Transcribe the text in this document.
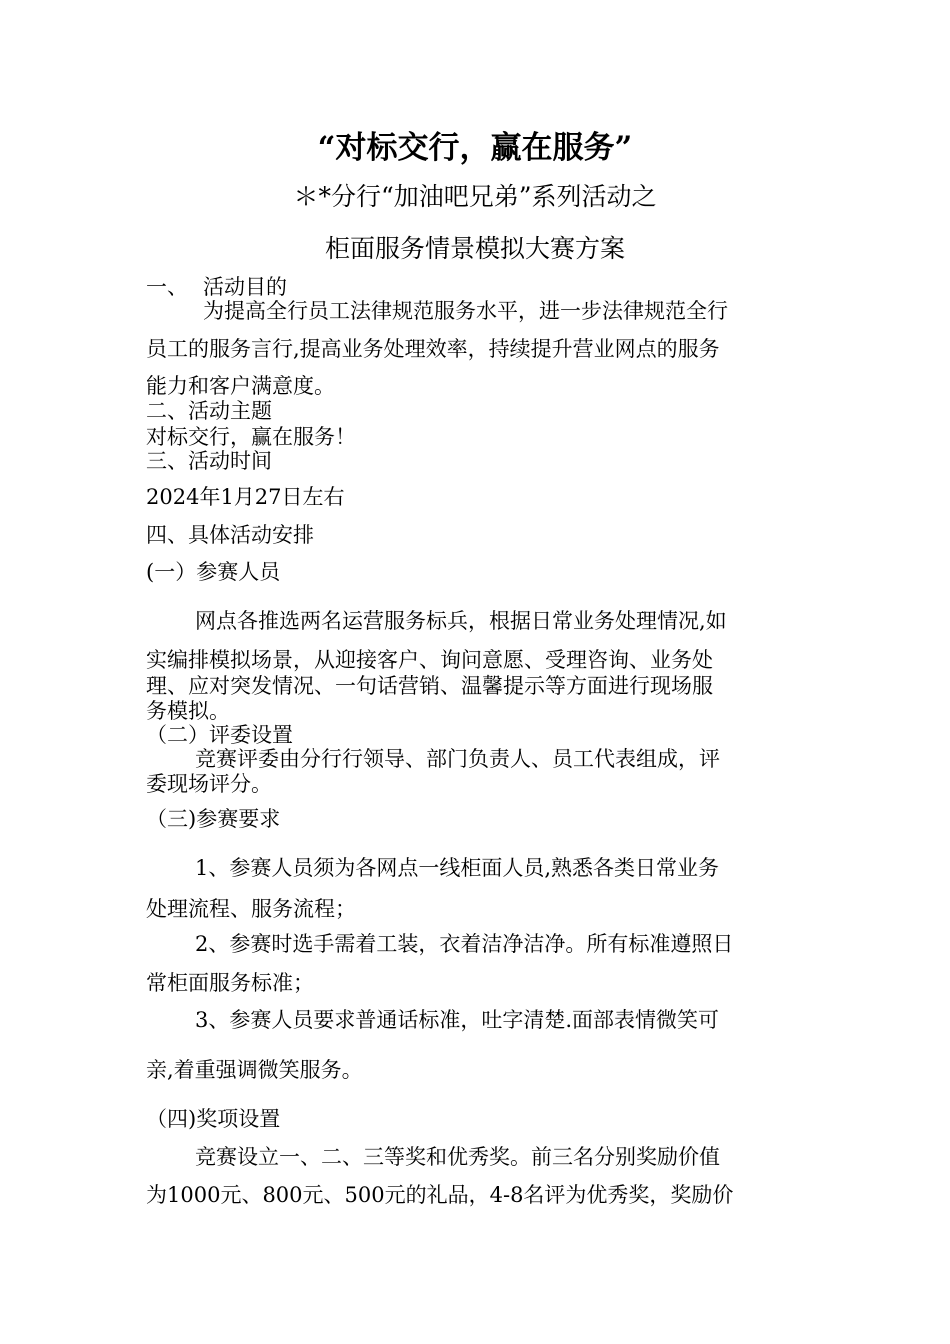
“对标交行，赢在服务”
＊*分行“加油吧兄弟”系列活动之
柜面服务情景模拟大赛方案
一、 活动目的
为提高全行员工法律规范服务水平，进一步法律规范全行
员工的服务言行,提高业务处理效率，持续提升营业网点的服务
能力和客户满意度。
二、活动主题
对标交行，赢在服务！
三、活动时间
2024年1月27日左右
四、具体活动安排
(一）参赛人员
网点各推选两名运营服务标兵，根据日常业务处理情况,如
实编排模拟场景，从迎接客户、询问意愿、受理咨询、业务处
理、应对突发情况、一句话营销、温馨提示等方面进行现场服
务模拟。
（二）评委设置
竞赛评委由分行行领导、部门负责人、员工代表组成，评
委现场评分。
（三)参赛要求
1、参赛人员须为各网点一线柜面人员,熟悉各类日常业务
处理流程、服务流程；
2、参赛时选手需着工装，衣着洁净洁净。所有标准遵照日
常柜面服务标准；
3、参赛人员要求普通话标准，吐字清楚.面部表情微笑可
亲,着重强调微笑服务。
（四)奖项设置
竞赛设立一、二、三等奖和优秀奖。前三名分别奖励价值
为1000元、800元、500元的礼品，4-8名评为优秀奖，奖励价
